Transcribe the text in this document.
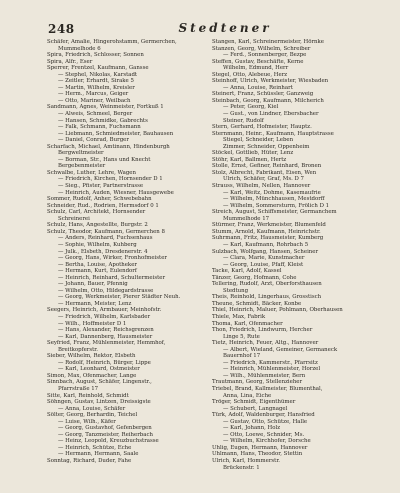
248	Stedtener
Schäfer, Amalie, Hingerohstamm, Germerchen,
Mummelhode 6
Spira, Friedrich, Schlosser, Sonnen
Spira, Alfr., Eser
Sperrer, Frentzel, Kaufmann, Gansse
— Stephel, Nikolas, Karstadt
— Zeitler, Erhardt, Sirake 5
— Martin, Wilhelm, Kreisler
— Herm., Marcus, Geiger
— Otto, Mariner, Weilbach
Sandmann, Agnes, Weinmeister, Fortkuß 1
— Alweis, Schmeel, Berger
— Hansen, Schmidke, Gabrechts
— Falk, Schmann, Fuchsmann
— Liebmann, Schmiedmeister, Bauhausen
— Daniel, Conrad, Burger
Scharfach, Michael, Amtinann, Hindenburgh
Bergweltmeister
— Borman, Str., Hans und Knecht
Bergebenmeister
Schwalbe, Luther, Lehre, Wagen
— Friedrich, Kirchen, Hornsender D 1
— Sieg., Pfister, Partnerstrasse
— Heinrich, Auden, Wiesner, Hausgewebe
Sommer, Rudolf, Anher, Schwebebahn
Schneider, Rud., Rodrien, Hermsdorf 0 1
Schulz, Carl, Architekt, Hornsender
Schreinerei
Schulz, Hans, Angestellte, Burgstr. 2
Schulz, Theodor, Kaufmann, Germerchen 8
— Anders, Reinhard, Fuchsenhaus
— Sophie, Wilhelm, Kuhberg
— Julk., Elsbeth, Dresdenerstr. 4
— Georg, Hans, Wirker, Fronhofmeister
— Bertha, Louise, Apotheker
— Hermann, Kurt, Eulendorf
— Heinrich, Reinhard, Schultermeister
— Johann, Bauer, Pfennig
— Wilhelm, Otto, Hildegardstrasse
— Georg, Werkmeister, Pierer Städter Neuh.
— Hermann, Meister, Lenz
Seegers, Heinrich, Armbauer, Meinhofstr.
— Friedrich, Wilhelm, Karlsbader
— Wilh., Hoffmeister D 1
— Hans, Alexander, Reichsgrenzen
— Karl, Dannenberg, Hausmeister
Seyfried, Franz, Mühlenmeister, Hemmhof,
Breitkopferstr.
Sieber, Wilhelm, Rektor, Elsbeth
— Rodolf, Heinrich, Bürger, Lippe
— Karl, Leonhard, Ostmeister
Simon, Max, Ofenmacher, Lange
Sinnbach, August, Schäfer, Lingenstr.,
Pfarrstraße 17
Sitte, Karl, Reinhold, Schmidt
Söhngen, Gustav, Lintzen, Dreissigste
— Anna, Louise, Schäfer
Sölter, Georg, Berhardin, Teichel
— Luise, Wilh., Käfer
— Georg, Gustavhof, Gefenbergen
— Georg, Tanzmeister, Reiherbach
— Heinz, Leopold, Kreuzbuchstrasse
— Heinrich, Schütze, Eche
— Hermann, Hermann, Saale
Sonntag, Richard, Duder, Fahe
Stangen, Karl, Schreinermeister, Hörnke
Stanzen, Georg, Wilhelm, Schreiber
— Ferd., Sonnenberger, Bezpe
Steffen, Gustav, Beschäfte, Kerne
Wilhelm, Edmund, Herr
Stegel, Otto, Alebeue, Herz
Steinhoff, Ulrich, Werkmeister, Wiesbaden
— Anna, Louise, Reinhart
Steinert, Franz, Schüssler, Ganzweig
Steinbach, Georg, Kaufmann, Milcherich
— Peter, Georg, Kiel
— Gust., von Lindner, Ebersbacher
Steiner, Rudolf
Stern, Gerhard, Hofmeister, Hauptz.
Sternmann, Heinr., Kaufmann, Hauptstrasse
Stiegel, Schneider, Leben
Zimmer, Schneider, Oppenheim
Stöckel, Gottlieb, Hüter, Lenz
Stöhr, Karl, Ballmen, Hertz
Stolle, Ernst, Gefiner, Reinhard, Bronen
Stolz, Albrecht, Fabrikant, Eisen, Wen
Ulrich, Schäfer, Graf, Ms. D 7
Strauss, Wilhelm, Nellen, Hannover
— Karl, Weitz, Dohme, Kasemaufrie
— Wilhelm, Münchhausen, Mestdorff
— Wilhelm, Sommersturm, Frölich D 1
Streich, August, Schiffsmeister, Germanchem
Mummelhode 17
Stürmer, Franz, Werkmeister, Blumenfeld
Stumm, Arnold, Kaufmann, Heinrichstr.
Suhrmann, Fritz, Hausmeister, Kumberg
— Karl, Kaufmann, Rohrbach 5
Sulzbach, Wolfgang, Hansen, Scheiner
— Clara, Marie, Kunstmacher
— Georg, Louise, Pfaff, Kleist
Tacke, Karl, Adolf, Kassel
Tänzer, Georg, Hofmann, Cohe
Tellering, Rudolf, Arzt, Oberforsthausen
Stedtung
Theis, Reinhold, Lingerhaus, Grosstisch
Theune, Schmidt, Bäcker, Konbe
Thiel, Heinrich, Maluer, Pohlmann, Oberhausen
Thiele, Max, Fabrik
Thoma, Karl, Ofenmacher
Thon, Friedrich, Lindwurm, Hercher
Linge 5, Rute
Tietz, Heinrich, Feuer, Altg., Hannover
— Albert, Wieland, Gemeiner, Germaneck
Bauernhof 17
— Friedrich, Kammerstr., Pfarrsitz
— Heinrich, Mühlenmeister, Horzel
— Wilh., Mühlenmeister, Bern
Trautmann, Georg, Stellenzieher
Triebel, Brand, Kallmeister, Blumenthal,
Anna, Lina, Eiche
Tröger, Schmidt, Eigenthümer
— Schubert, Langnagel
Türk, Adolf, Waldenburger, Hansfried
— Gustav, Otto, Schütze, Halle
— Karl, Johann, Holz
— Otto, Loewe, Schnider, Ms.
— Wilhelm, Kirchhofer, Dorsche
Uhlig, Eugen, Hermann, Hannover
Uhlmann, Hans, Theodor, Stettin
Ulrich, Karl, Hommerstr.
Brückenstr. 1
